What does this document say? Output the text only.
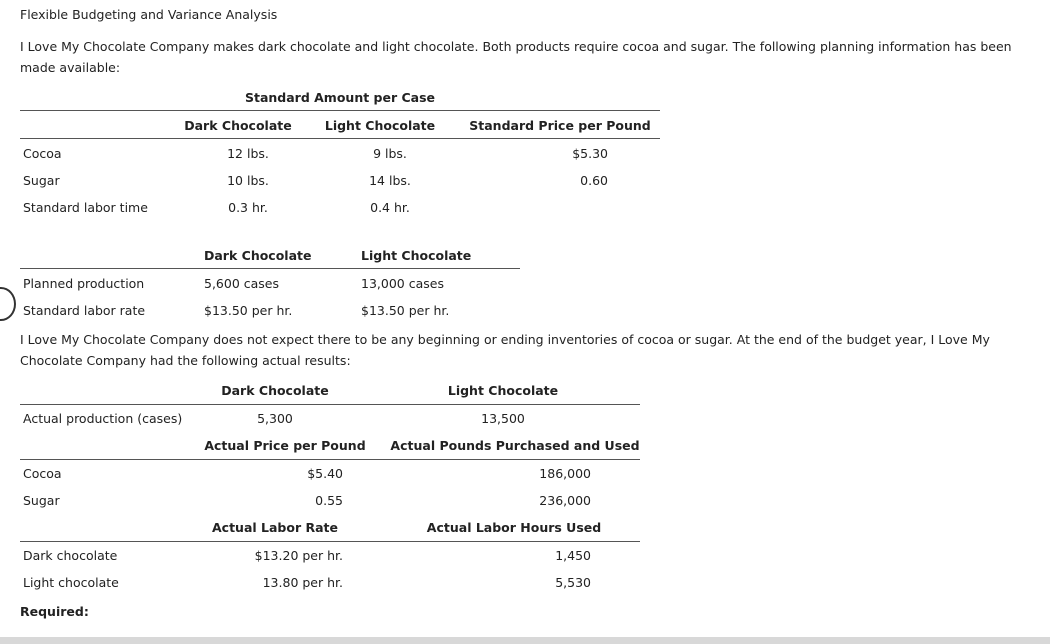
Flexible Budgeting and Variance Analysis
I Love My Chocolate Company makes dark chocolate and light chocolate. Both products require cocoa and sugar. The following planning information has been made available:
Standard Amount per Case
Dark Chocolate	Light Chocolate	Standard Price per Pound
Cocoa	12 lbs.	9 lbs.	$5.30
Sugar	10 lbs.	14 lbs.	0.60
Standard labor time	0.3 hr.	0.4 hr.
Dark Chocolate	Light Chocolate
Planned production	5,600 cases	13,000 cases
Standard labor rate	$13.50 per hr.	$13.50 per hr.
I Love My Chocolate Company does not expect there to be any beginning or ending inventories of cocoa or sugar. At the end of the budget year, I Love My Chocolate Company had the following actual results:
Dark Chocolate	Light Chocolate
Actual production (cases)	5,300	13,500
Actual Price per Pound	Actual Pounds Purchased and Used
Cocoa	$5.40	186,000
Sugar	0.55	236,000
Actual Labor Rate	Actual Labor Hours Used
Dark chocolate	$13.20 per hr.	1,450
Light chocolate	13.80 per hr.	5,530
Required:
